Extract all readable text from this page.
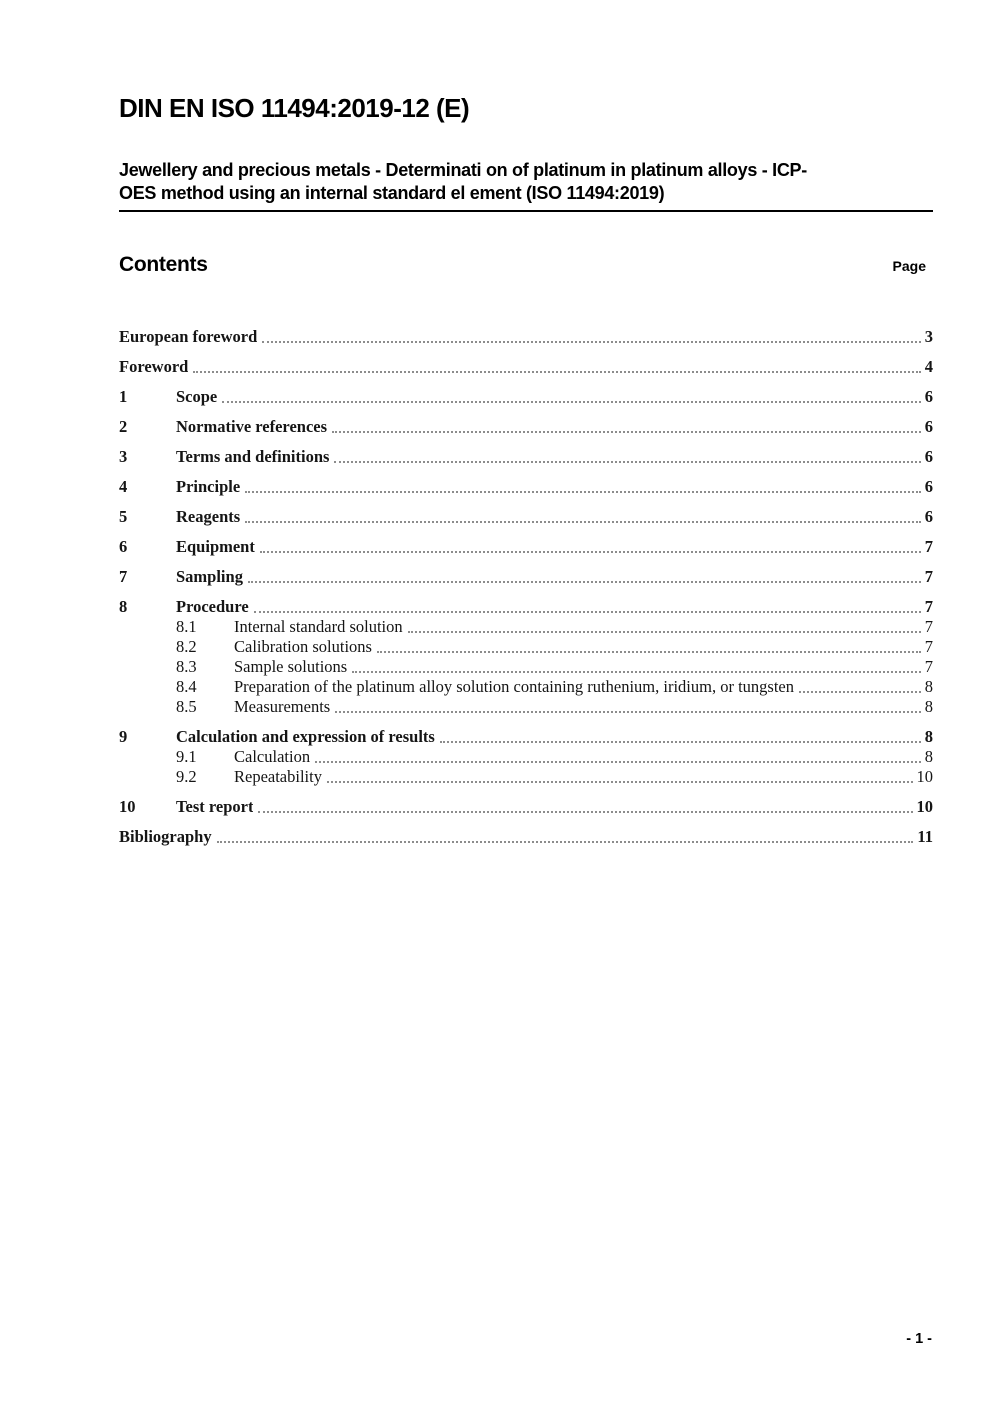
DIN EN ISO 11494:2019-12 (E)
Jewellery and precious metals - Determinati on of platinum in platinum alloys - ICP-
OES method using an internal standard el ement (ISO 11494:2019)
Contents	Page
European foreword	3
Foreword	4
1	Scope	6
2	Normative references	6
3	Terms and definitions	6
4	Principle	6
5	Reagents	6
6	Equipment	7
7	Sampling	7
8	Procedure	7
8.1	Internal standard solution	7
8.2	Calibration solutions	7
8.3	Sample solutions	7
8.4	Preparation of the platinum alloy solution containing ruthenium, iridium, or tungsten	8
8.5	Measurements	8
9	Calculation and expression of results	8
9.1	Calculation	8
9.2	Repeatability	10
10	Test report	10
Bibliography	11
- 1 -
